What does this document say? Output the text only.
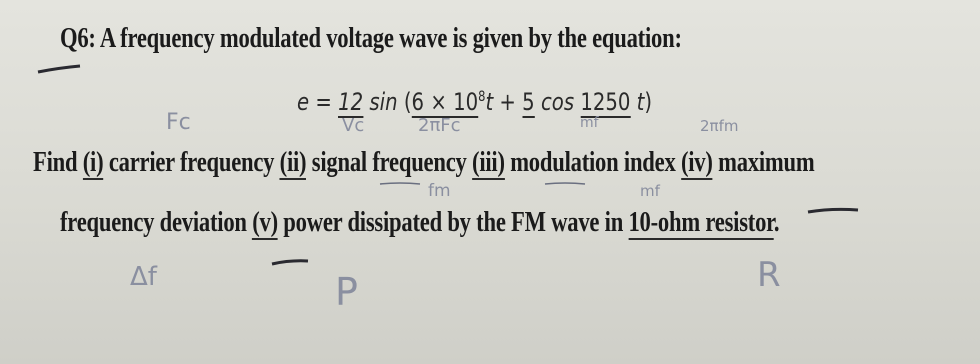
Q6: A frequency modulated voltage wave is given by the equation:
e = 12 $\sin (6 \times 10^8t + 5$ cos 1250 t)
Find (i) carrier frequency (ii) signal frequency (iii) modulation index (iv) maximum
frequency deviation (v) power dissipated by the FM wave in 10-ohm resistor.
Fc	Vc	2πFc	mf	2πfm
fm	mf
Δf	P	R
